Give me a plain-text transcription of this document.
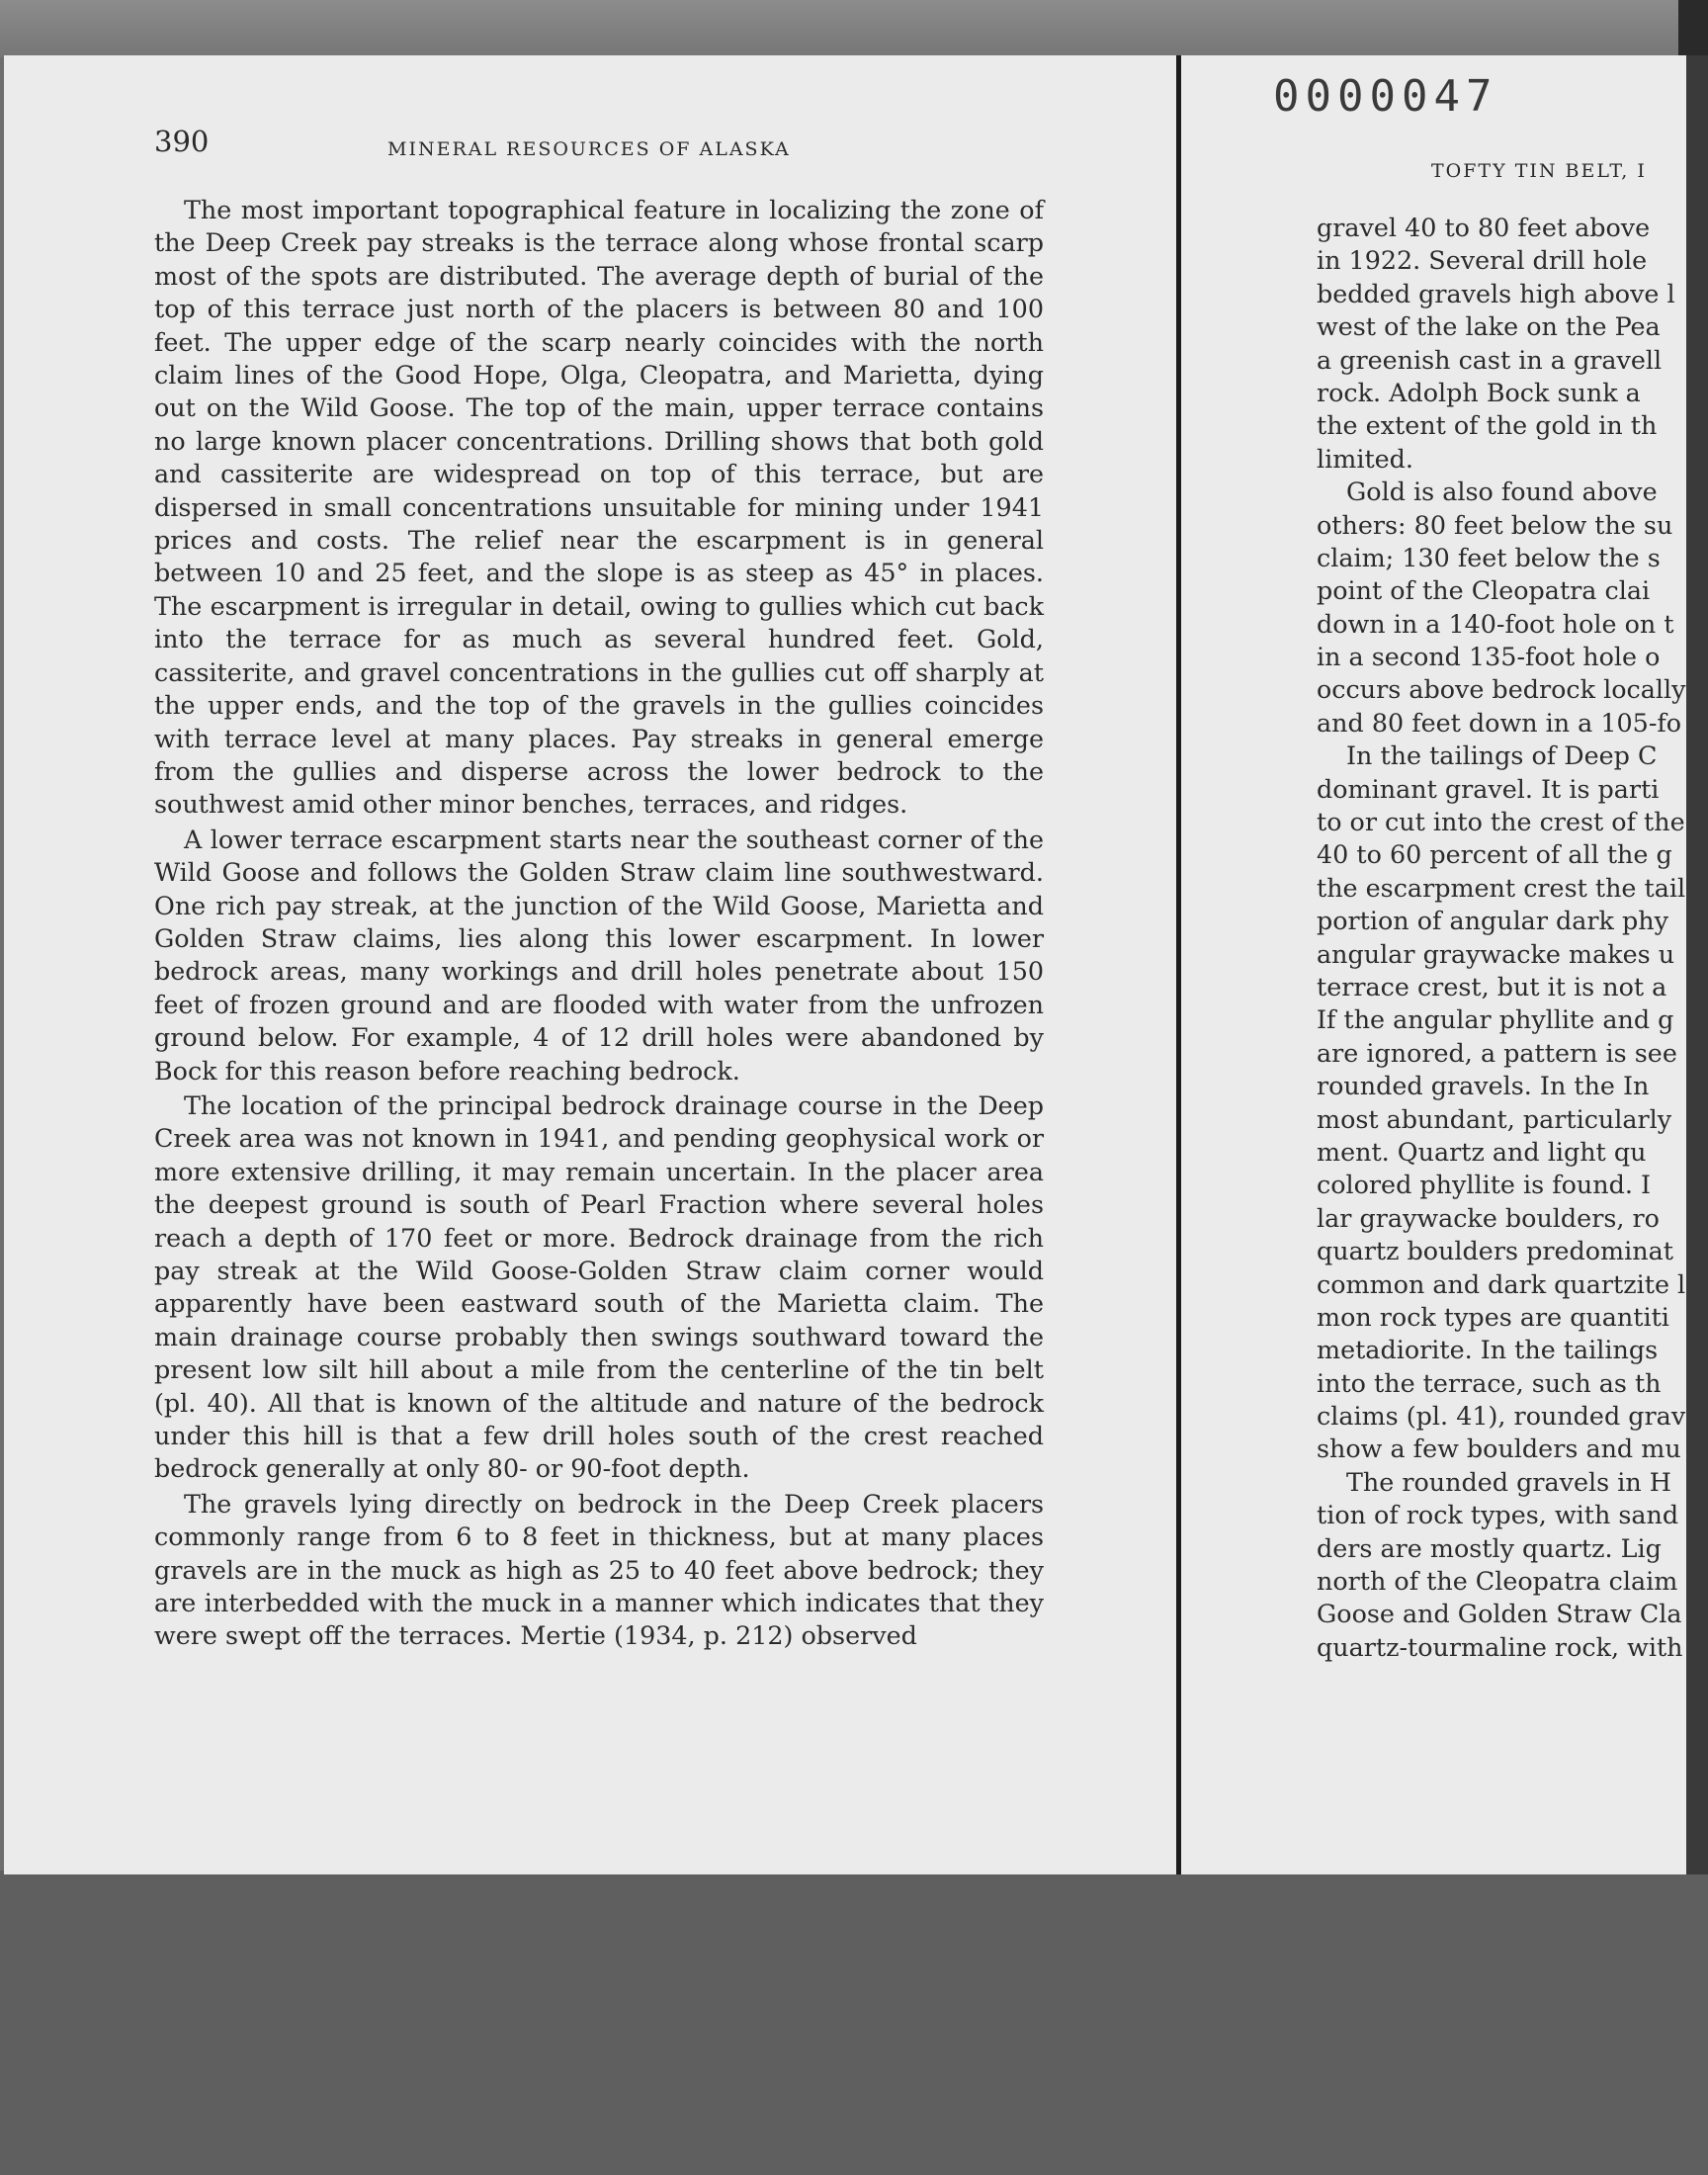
390	MINERAL RESOURCES OF ALASKA

The most important topographical feature in localizing the zone of the Deep Creek pay streaks is the terrace along whose frontal scarp most of the spots are distributed. The average depth of burial of the top of this terrace just north of the placers is between 80 and 100 feet. The upper edge of the scarp nearly coincides with the north claim lines of the Good Hope, Olga, Cleopatra, and Marietta, dying out on the Wild Goose. The top of the main, upper terrace contains no large known placer concentrations. Drilling shows that both gold and cassiterite are widespread on top of this terrace, but are dispersed in small concentrations unsuitable for mining under 1941 prices and costs. The relief near the escarpment is in general between 10 and 25 feet, and the slope is as steep as 45° in places. The escarpment is irregular in detail, owing to gullies which cut back into the terrace for as much as several hundred feet. Gold, cassiterite, and gravel concentrations in the gullies cut off sharply at the upper ends, and the top of the gravels in the gullies coincides with terrace level at many places. Pay streaks in general emerge from the gullies and disperse across the lower bedrock to the southwest amid other minor benches, terraces, and ridges.

A lower terrace escarpment starts near the southeast corner of the Wild Goose and follows the Golden Straw claim line southwestward. One rich pay streak, at the junction of the Wild Goose, Marietta and Golden Straw claims, lies along this lower escarpment. In lower bedrock areas, many workings and drill holes penetrate about 150 feet of frozen ground and are flooded with water from the unfrozen ground below. For example, 4 of 12 drill holes were abandoned by Bock for this reason before reaching bedrock.

The location of the principal bedrock drainage course in the Deep Creek area was not known in 1941, and pending geophysical work or more extensive drilling, it may remain uncertain. In the placer area the deepest ground is south of Pearl Fraction where several holes reach a depth of 170 feet or more. Bedrock drainage from the rich pay streak at the Wild Goose-Golden Straw claim corner would apparently have been eastward south of the Marietta claim. The main drainage course probably then swings southward toward the present low silt hill about a mile from the centerline of the tin belt (pl. 40). All that is known of the altitude and nature of the bedrock under this hill is that a few drill holes south of the crest reached bedrock generally at only 80- or 90-foot depth.

The gravels lying directly on bedrock in the Deep Creek placers commonly range from 6 to 8 feet in thickness, but at many places gravels are in the muck as high as 25 to 40 feet above bedrock; they are interbedded with the muck in a manner which indicates that they were swept off the terraces. Mertie (1934, p. 212) observed

0000047
TOFTY TIN BELT, I
gravel 40 to 80 feet above
in 1922. Several drill hole
bedded gravels high above l
west of the lake on the Pea
a greenish cast in a gravell
rock. Adolph Bock sunk a
the extent of the gold in th
limited.
Gold is also found above
others: 80 feet below the su
claim; 130 feet below the s
point of the Cleopatra clai
down in a 140-foot hole on t
in a second 135-foot hole o
occurs above bedrock locally
and 80 feet down in a 105-fo
In the tailings of Deep C
dominant gravel. It is parti
to or cut into the crest of the
40 to 60 percent of all the g
the escarpment crest the tail
portion of angular dark phy
angular graywacke makes u
terrace crest, but it is not a
If the angular phyllite and g
are ignored, a pattern is see
rounded gravels. In the In
most abundant, particularly
ment. Quartz and light qu
colored phyllite is found. I
lar graywacke boulders, ro
quartz boulders predominat
common and dark quartzite l
mon rock types are quantiti
metadiorite. In the tailings
into the terrace, such as th
claims (pl. 41), rounded grav
show a few boulders and mu
The rounded gravels in H
tion of rock types, with sand
ders are mostly quartz. Lig
north of the Cleopatra claim
Goose and Golden Straw Cla
quartz-tourmaline rock, with
